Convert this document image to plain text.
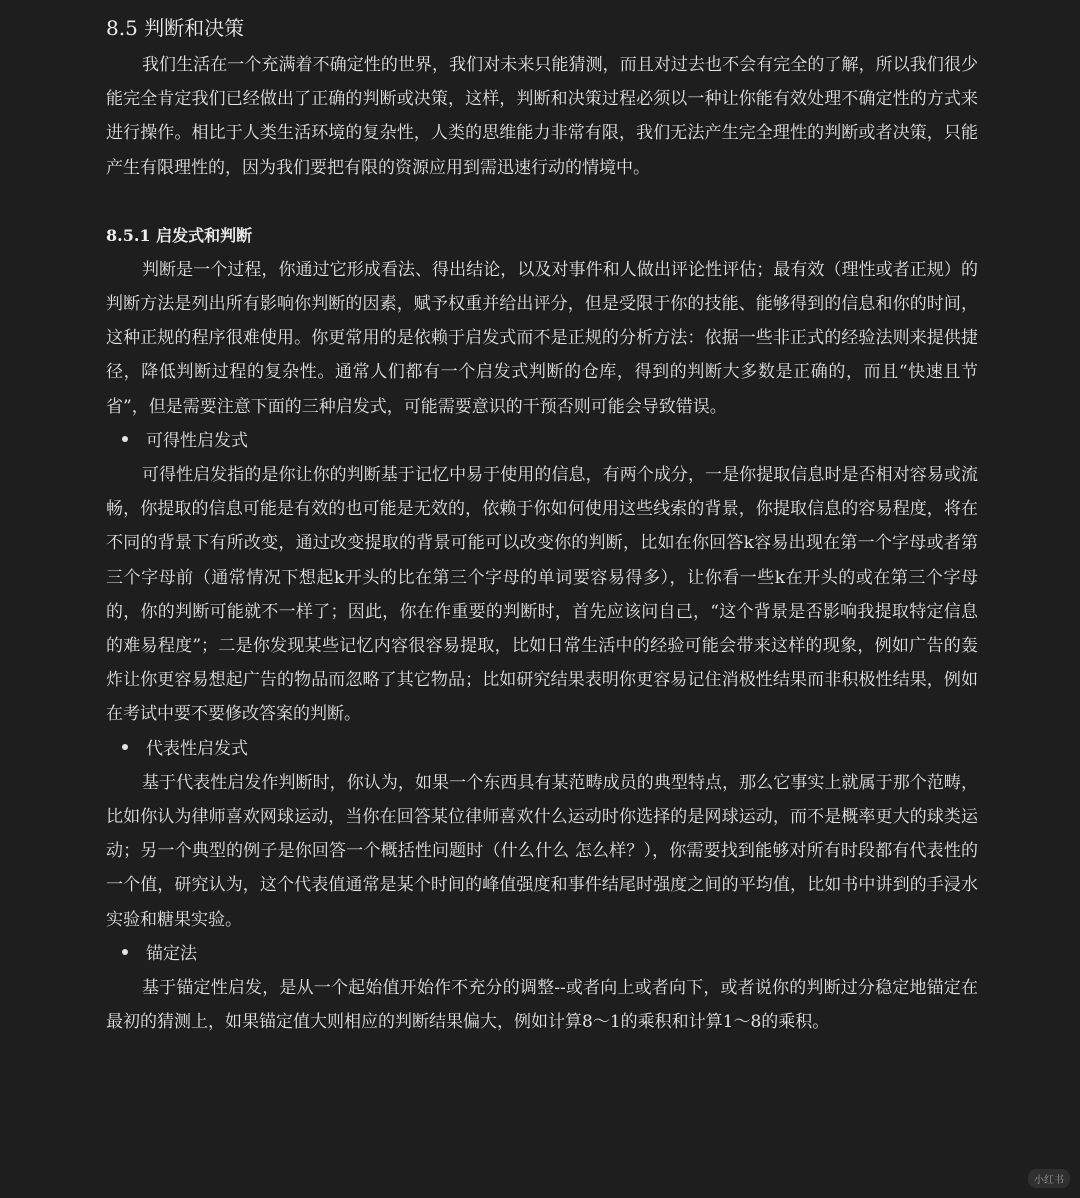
8.5 判断和决策

我们生活在一个充满着不确定性的世界，我们对未来只能猜测，而且对过去也不会有完全的了解，所以我们很少能完全肯定我们已经做出了正确的判断或决策，这样，判断和决策过程必须以一种让你能有效处理不确定性的方式来进行操作。相比于人类生活环境的复杂性，人类的思维能力非常有限，我们无法产生完全理性的判断或者决策，只能产生有限理性的，因为我们要把有限的资源应用到需迅速行动的情境中。

8.5.1 启发式和判断

判断是一个过程，你通过它形成看法、得出结论，以及对事件和人做出评论性评估；最有效（理性或者正规）的判断方法是列出所有影响你判断的因素，赋予权重并给出评分，但是受限于你的技能、能够得到的信息和你的时间，这种正规的程序很难使用。你更常用的是依赖于启发式而不是正规的分析方法：依据一些非正式的经验法则来提供捷径，降低判断过程的复杂性。通常人们都有一个启发式判断的仓库，得到的判断大多数是正确的，而且“快速且节省”，但是需要注意下面的三种启发式，可能需要意识的干预否则可能会导致错误。

可得性启发式

可得性启发指的是你让你的判断基于记忆中易于使用的信息，有两个成分，一是你提取信息时是否相对容易或流畅，你提取的信息可能是有效的也可能是无效的，依赖于你如何使用这些线索的背景，你提取信息的容易程度，将在不同的背景下有所改变，通过改变提取的背景可能可以改变你的判断，比如在你回答k容易出现在第一个字母或者第三个字母前（通常情况下想起k开头的比在第三个字母的单词要容易得多），让你看一些k在开头的或在第三个字母的，你的判断可能就不一样了；因此，你在作重要的判断时，首先应该问自己，“这个背景是否影响我提取特定信息的难易程度”；二是你发现某些记忆内容很容易提取，比如日常生活中的经验可能会带来这样的现象，例如广告的轰炸让你更容易想起广告的物品而忽略了其它物品；比如研究结果表明你更容易记住消极性结果而非积极性结果，例如在考试中要不要修改答案的判断。

代表性启发式

基于代表性启发作判断时，你认为，如果一个东西具有某范畴成员的典型特点，那么它事实上就属于那个范畴，比如你认为律师喜欢网球运动，当你在回答某位律师喜欢什么运动时你选择的是网球运动，而不是概率更大的球类运动；另一个典型的例子是你回答一个概括性问题时（什么什么 怎么样？），你需要找到能够对所有时段都有代表性的一个值，研究认为，这个代表值通常是某个时间的峰值强度和事件结尾时强度之间的平均值，比如书中讲到的手浸水实验和糖果实验。

锚定法

基于锚定性启发，是从一个起始值开始作不充分的调整--或者向上或者向下，或者说你的判断过分稳定地锚定在最初的猜测上，如果锚定值大则相应的判断结果偏大，例如计算8～1的乘积和计算1～8的乘积。

小红书
